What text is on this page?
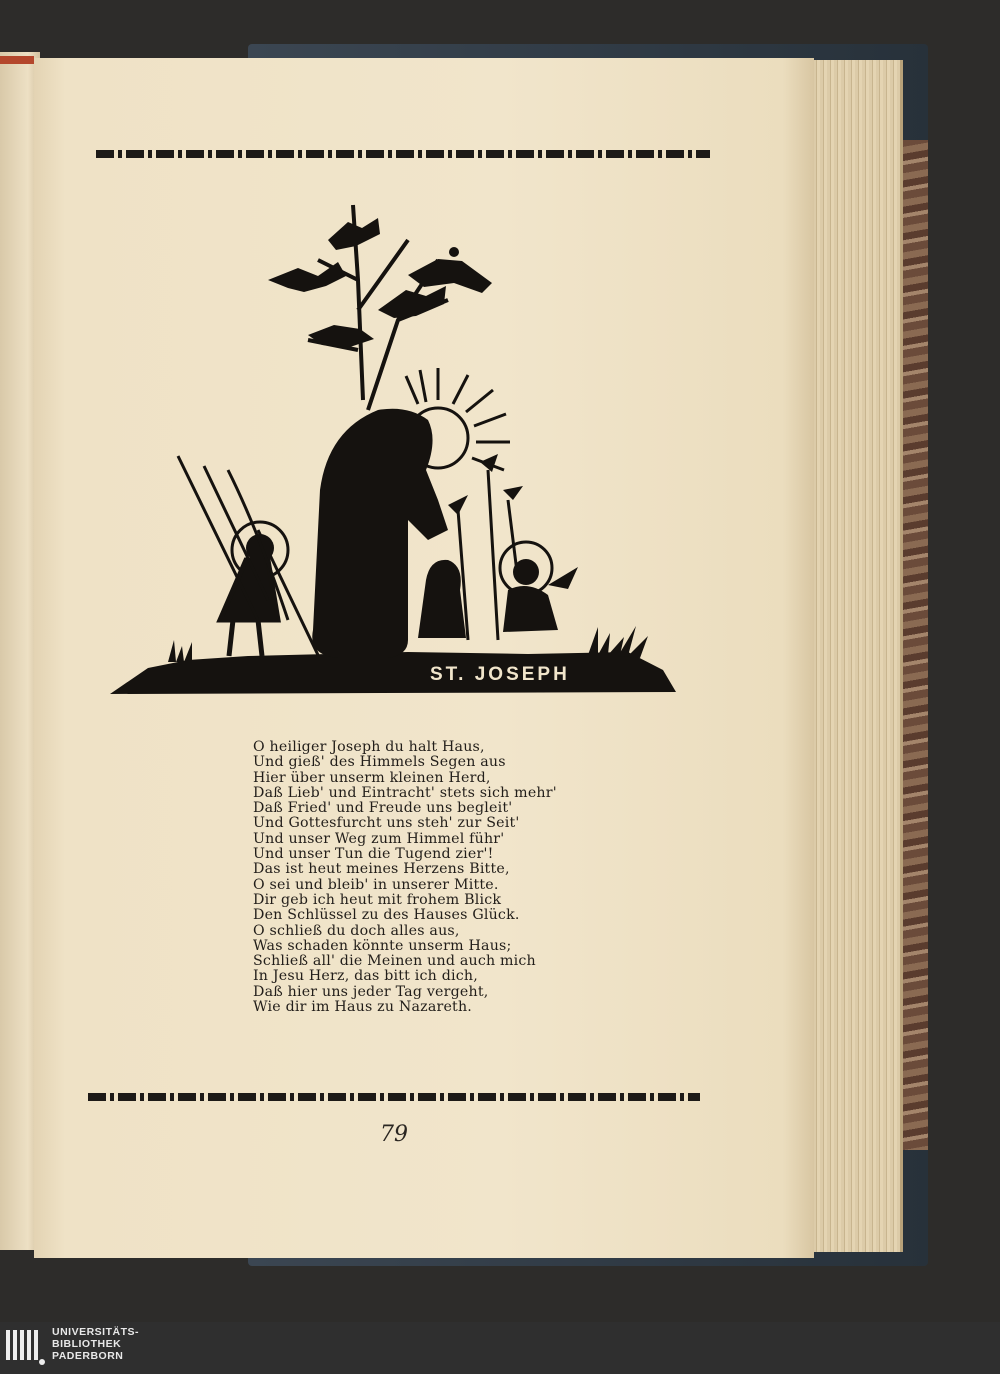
ST. JOSEPH
O heiliger Joseph du halt Haus,
Und gieß' des Himmels Segen aus
Hier über unserm kleinen Herd,
Daß Lieb' und Eintracht' stets sich mehr'
Daß Fried' und Freude uns begleit'
Und Gottesfurcht uns steh' zur Seit'
Und unser Weg zum Himmel führ'
Und unser Tun die Tugend zier'!
Das ist heut meines Herzens Bitte,
O sei und bleib' in unserer Mitte.
Dir geb ich heut mit frohem Blick
Den Schlüssel zu des Hauses Glück.
O schließ du doch alles aus,
Was schaden könnte unserm Haus;
Schließ all' die Meinen und auch mich
In Jesu Herz, das bitt ich dich,
Daß hier uns jeder Tag vergeht,
Wie dir im Haus zu Nazareth.
79
UNIVERSITÄTS-
BIBLIOTHEK
PADERBORN
